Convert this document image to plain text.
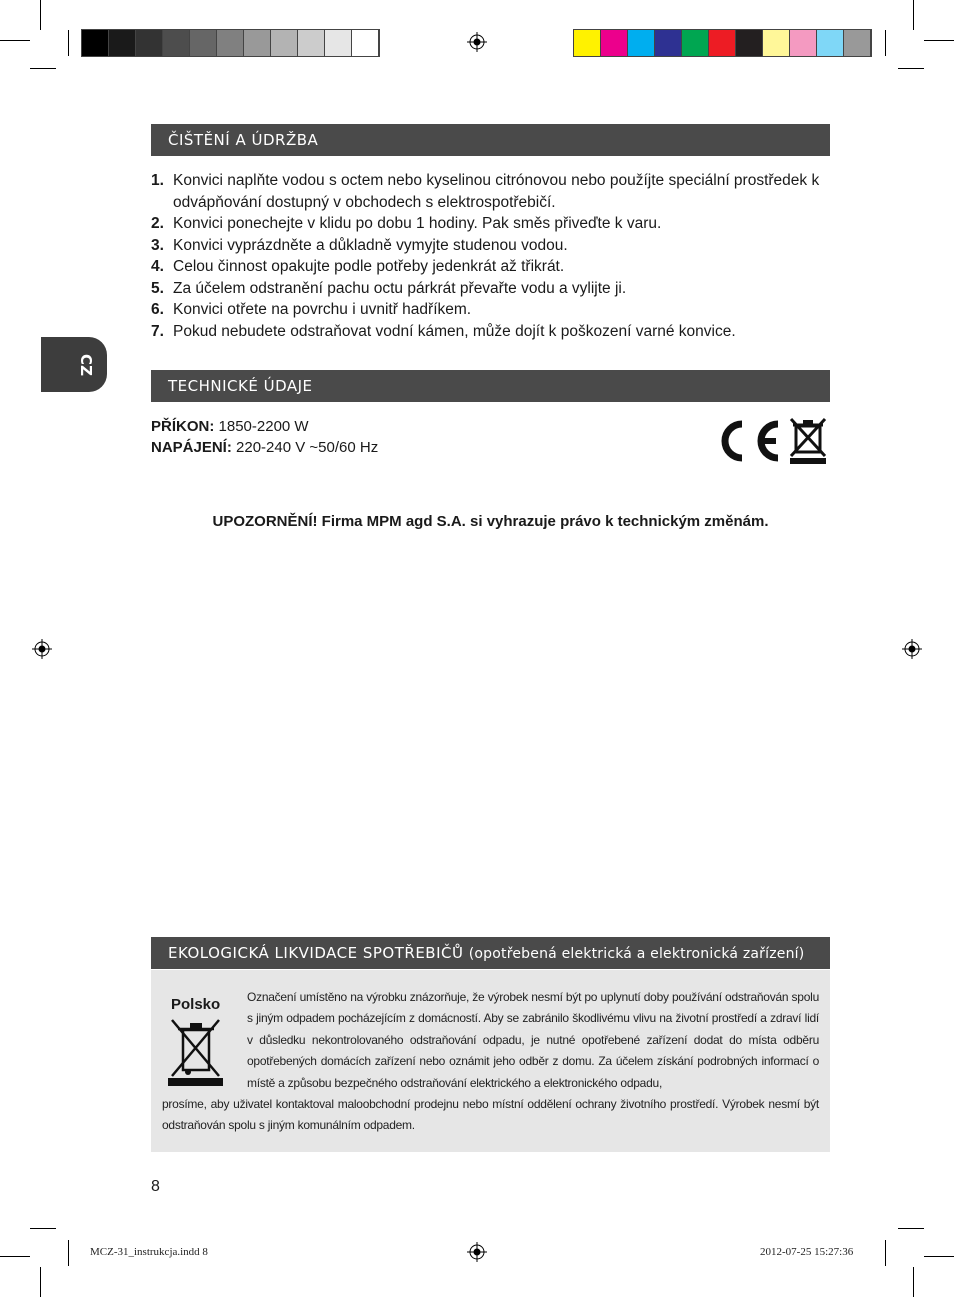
CZ
ČIŠTĚNÍ A ÚDRŽBA
1. Konvici naplňte vodou s octem nebo kyselinou citrónovou nebo použíjte speciální prostředek k odvápňování dostupný v obchodech s elektrospotřebičí.
2. Konvici ponechejte v klidu po dobu 1 hodiny. Pak směs přiveďte k varu.
3. Konvici vyprázdněte a důkladně vymyjte studenou vodou.
4. Celou činnost opakujte podle potřeby jedenkrát až třikrát.
5. Za účelem odstranění pachu octu párkrát převařte vodu a vylijte ji.
6. Konvici otřete na povrchu i uvnitř hadříkem.
7. Pokud nebudete odstraňovat vodní kámen, může dojít k poškození varné konvice.
TECHNICKÉ ÚDAJE
PŘÍKON: 1850-2200 W
NAPÁJENÍ: 220-240 V ~50/60 Hz
UPOZORNĚNÍ! Firma MPM agd S.A. si vyhrazuje právo k technickým změnám.
EKOLOGICKÁ LIKVIDACE SPOTŘEBIČŮ (opotřebená elektrická a elektronická zařízení)
Polsko Označení umístěno na výrobku znázorňuje, že výrobek nesmí být po uplynutí doby používání odstraňován spolu s jiným odpadem pocházejícím z domácností. Aby se zabránilo škodlivému vlivu na životní prostředí a zdraví lidí v důsledku nekontrolovaného odstraňování odpadu, je nutné opotřebené zařízení dodat do místa odběru opotřebených domácích zařízení nebo oznámit jeho odběr z domu. Za účelem získání podrobných informací o místě a způsobu bezpečného odstraňování elektrického a elektronického odpadu,
prosíme, aby uživatel kontaktoval maloobchodní prodejnu nebo místní oddělení ochrany životního prostředí. Výrobek nesmí být odstraňován spolu s jiným komunálním odpadem.
8
MCZ-31_instrukcja.indd 8	2012-07-25 15:27:36
